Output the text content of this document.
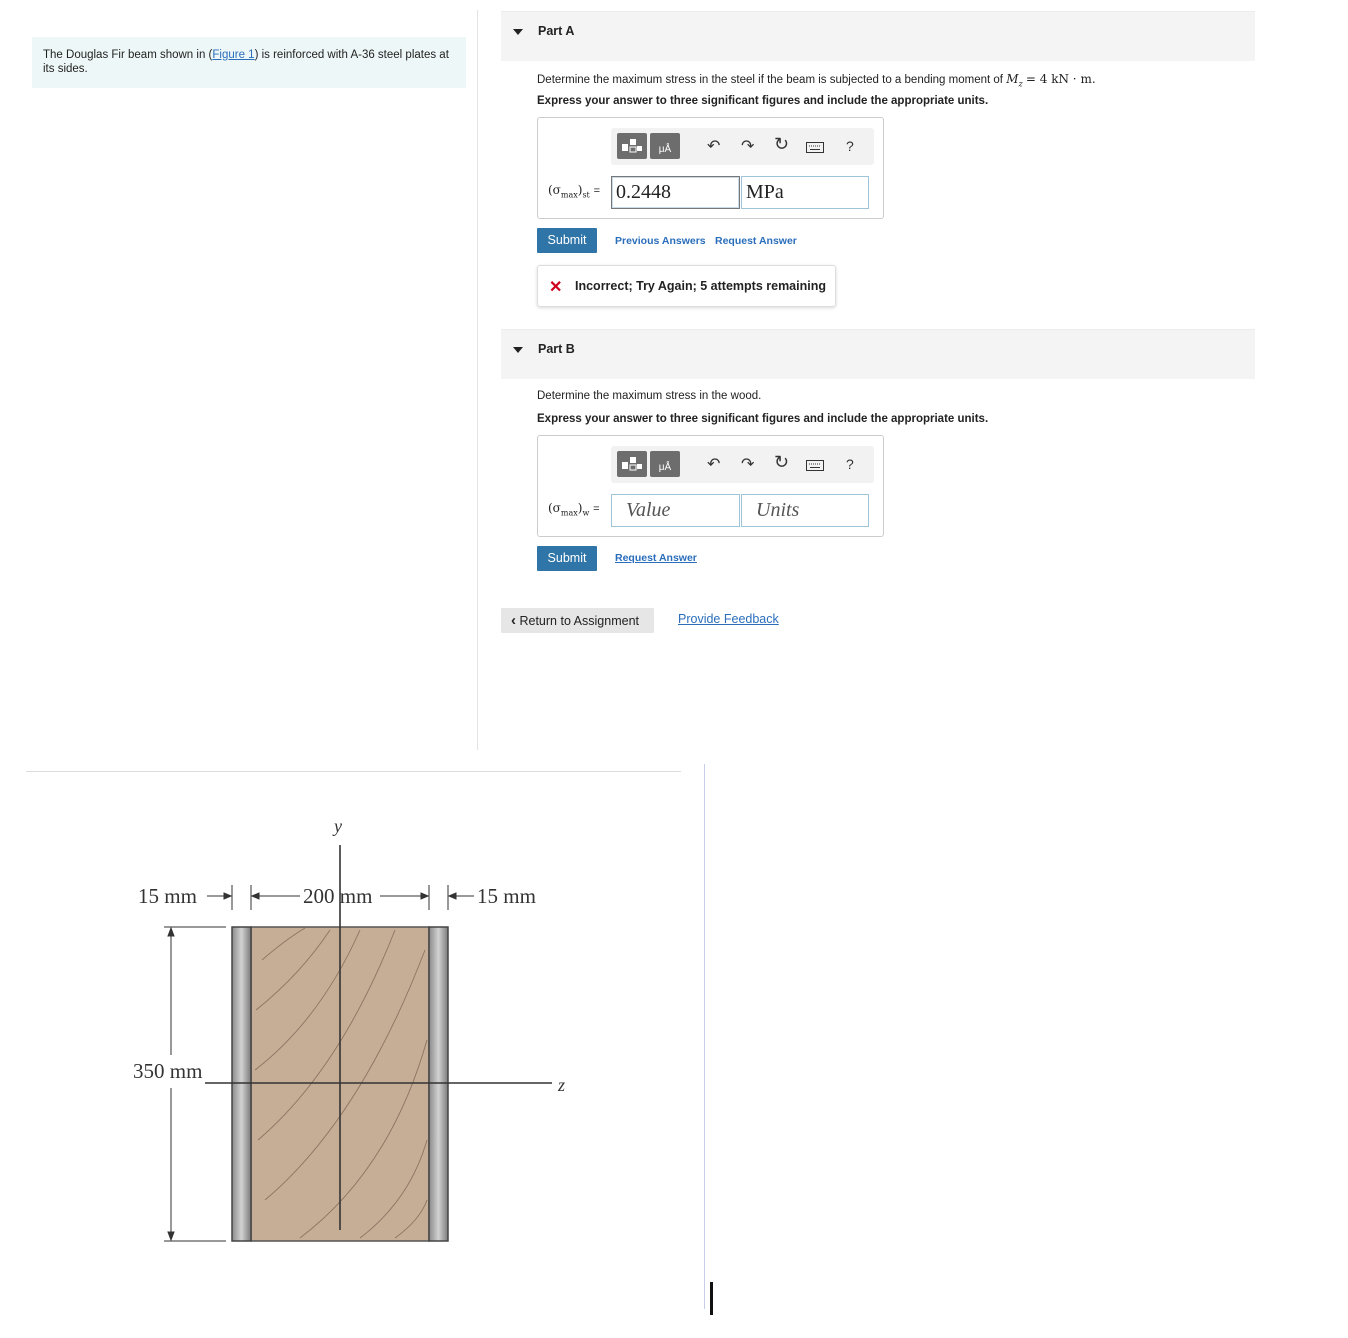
The Douglas Fir beam shown in (Figure 1) is reinforced with A-36 steel plates at its sides.
Part A
Determine the maximum stress in the steel if the beam is subjected to a bending moment of $M_z = 4$ kN · m.
Express your answer to three significant figures and include the appropriate units.
μÅ	↶ ↷ ↻	?
$(\sigma_{max})_{st} = 0.2448$	MPa
Submit	Previous Answers Request Answer
✕ Incorrect; Try Again; 5 attempts remaining
Part B
Determine the maximum stress in the wood.
Express your answer to three significant figures and include the appropriate units.
μÅ	↶ ↷ ↻	?
$(\sigma_{max})_w$ =	Value	Units
Submit	Request Answer
‹ Return to Assignment	Provide Feedback
y
z
15 mm	200 mm	15 mm
350 mm
